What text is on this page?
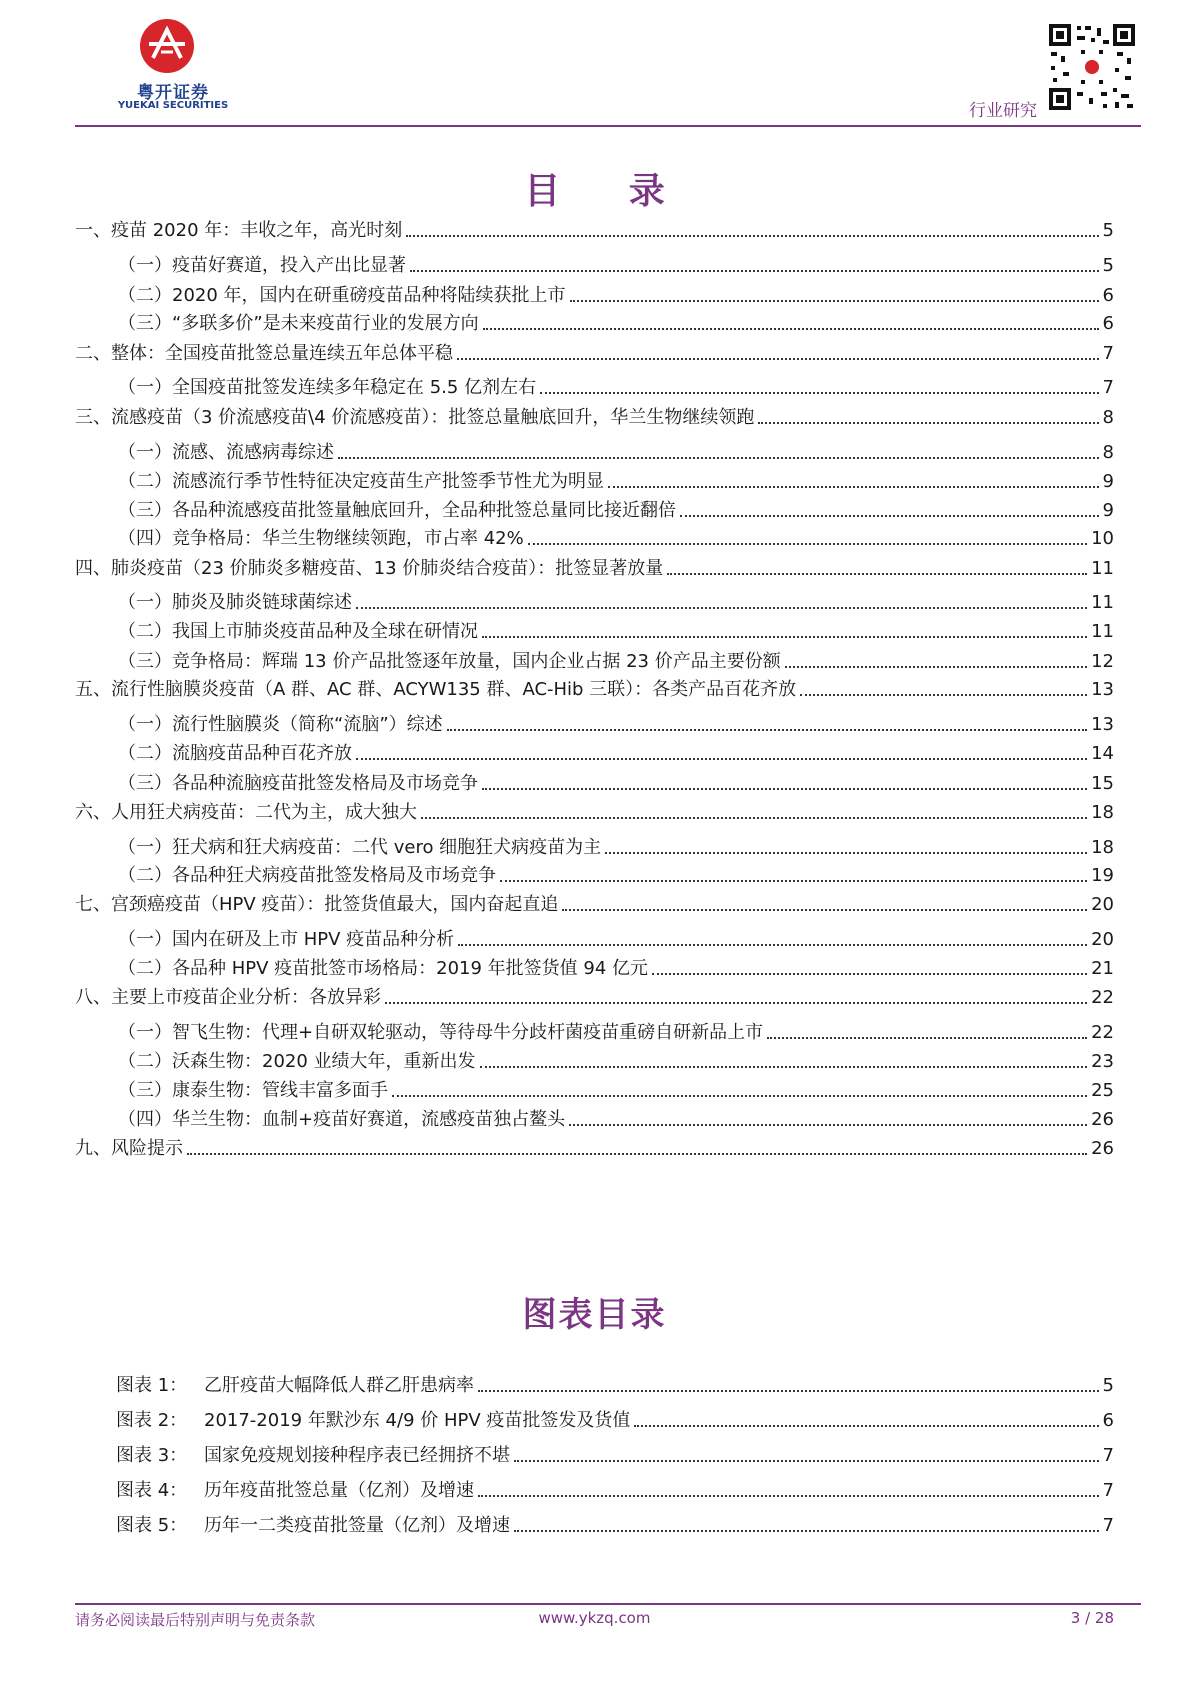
粤开证券
YUEKAI SECURITIES	行业研究
目 录
一、疫苗 2020 年：丰收之年，高光时刻	5
（一）疫苗好赛道，投入产出比显著	5
（二）2020 年，国内在研重磅疫苗品种将陆续获批上市	6
（三）“多联多价”是未来疫苗行业的发展方向	6
二、整体：全国疫苗批签总量连续五年总体平稳	7
（一）全国疫苗批签发连续多年稳定在 5.5 亿剂左右	7
三、流感疫苗（3 价流感疫苗\4 价流感疫苗）：批签总量触底回升，华兰生物继续领跑	8
（一）流感、流感病毒综述	8
（二）流感流行季节性特征决定疫苗生产批签季节性尤为明显	9
（三）各品种流感疫苗批签量触底回升，全品种批签总量同比接近翻倍	9
（四）竞争格局：华兰生物继续领跑，市占率 42%	10
四、肺炎疫苗（23 价肺炎多糖疫苗、13 价肺炎结合疫苗）：批签显著放量	11
（一）肺炎及肺炎链球菌综述	11
（二）我国上市肺炎疫苗品种及全球在研情况	11
（三）竞争格局：辉瑞 13 价产品批签逐年放量，国内企业占据 23 价产品主要份额	12
五、流行性脑膜炎疫苗（A 群、AC 群、ACYW135 群、AC-Hib 三联）：各类产品百花齐放	13
（一）流行性脑膜炎（简称“流脑”）综述	13
（二）流脑疫苗品种百花齐放	14
（三）各品种流脑疫苗批签发格局及市场竞争	15
六、人用狂犬病疫苗：二代为主，成大独大	18
（一）狂犬病和狂犬病疫苗：二代 vero 细胞狂犬病疫苗为主	18
（二）各品种狂犬病疫苗批签发格局及市场竞争	19
七、宫颈癌疫苗（HPV 疫苗）：批签货值最大，国内奋起直追	20
（一）国内在研及上市 HPV 疫苗品种分析	20
（二）各品种 HPV 疫苗批签市场格局：2019 年批签货值 94 亿元	21
八、主要上市疫苗企业分析：各放异彩	22
（一）智飞生物：代理+自研双轮驱动，等待母牛分歧杆菌疫苗重磅自研新品上市	22
（二）沃森生物：2020 业绩大年，重新出发	23
（三）康泰生物：管线丰富多面手	25
（四）华兰生物：血制+疫苗好赛道，流感疫苗独占鳌头	26
九、风险提示	26
图表目录
图表 1： 乙肝疫苗大幅降低人群乙肝患病率	5
图表 2： 2017-2019 年默沙东 4/9 价 HPV 疫苗批签发及货值	6
图表 3： 国家免疫规划接种程序表已经拥挤不堪	7
图表 4： 历年疫苗批签总量（亿剂）及增速	7
图表 5： 历年一二类疫苗批签量（亿剂）及增速	7
请务必阅读最后特别声明与免责条款	www.ykzq.com	3 / 28
